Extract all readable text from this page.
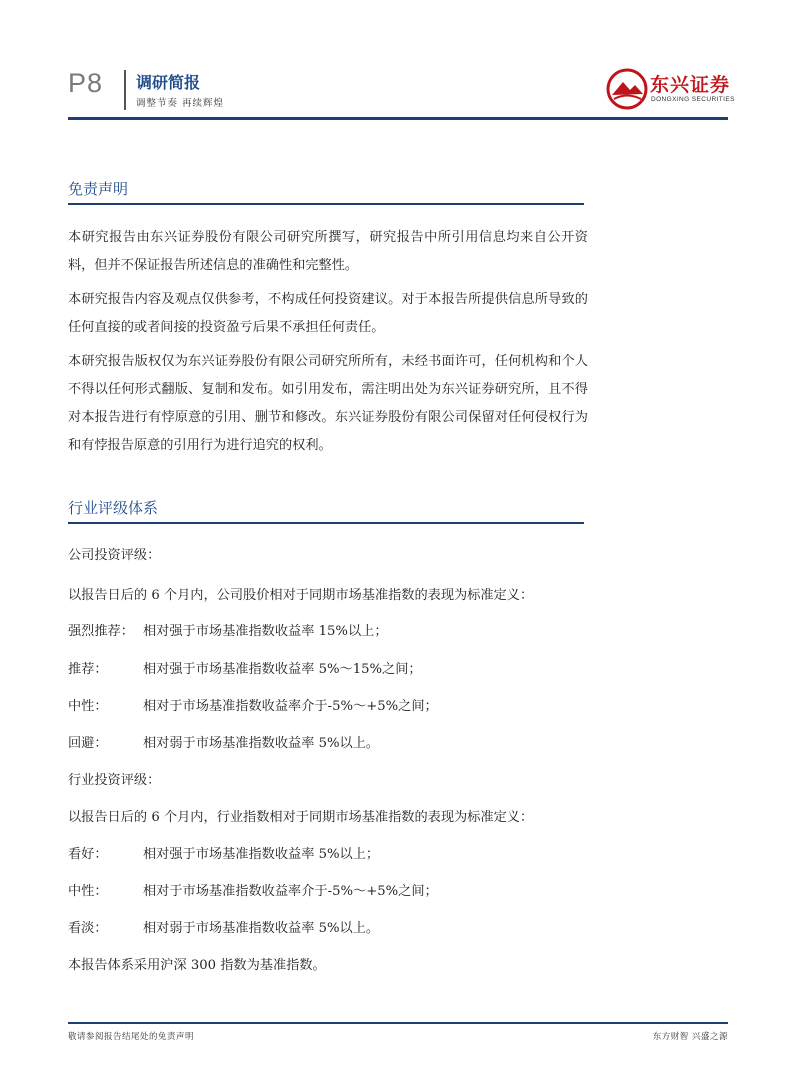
P8 调研简报
调整节奏 再续辉煌
东兴证券
DONGXING SECURITIES
免责声明

本研究报告由东兴证券股份有限公司研究所撰写，研究报告中所引用信息均来自公开资料，但并不保证报告所述信息的准确性和完整性。

本研究报告内容及观点仅供参考，不构成任何投资建议。对于本报告所提供信息所导致的任何直接的或者间接的投资盈亏后果不承担任何责任。

本研究报告版权仅为东兴证券股份有限公司研究所所有，未经书面许可，任何机构和个人不得以任何形式翻版、复制和发布。如引用发布，需注明出处为东兴证券研究所，且不得对本报告进行有悖原意的引用、删节和修改。东兴证券股份有限公司保留对任何侵权行为和有悖报告原意的引用行为进行追究的权利。

行业评级体系
公司投资评级：
以报告日后的 6 个月内，公司股价相对于同期市场基准指数的表现为标准定义：
强烈推荐： 相对强于市场基准指数收益率 15%以上；
推荐：	相对强于市场基准指数收益率 5%～15%之间；
中性：	相对于市场基准指数收益率介于-5%～+5%之间；
回避：	相对弱于市场基准指数收益率 5%以上。
行业投资评级：
以报告日后的 6 个月内，行业指数相对于同期市场基准指数的表现为标准定义：
看好：	相对强于市场基准指数收益率 5%以上；
中性：	相对于市场基准指数收益率介于-5%～+5%之间；
看淡：	相对弱于市场基准指数收益率 5%以上。
本报告体系采用沪深 300 指数为基准指数。
敬请参阅报告结尾处的免责声明	东方财智 兴盛之源
